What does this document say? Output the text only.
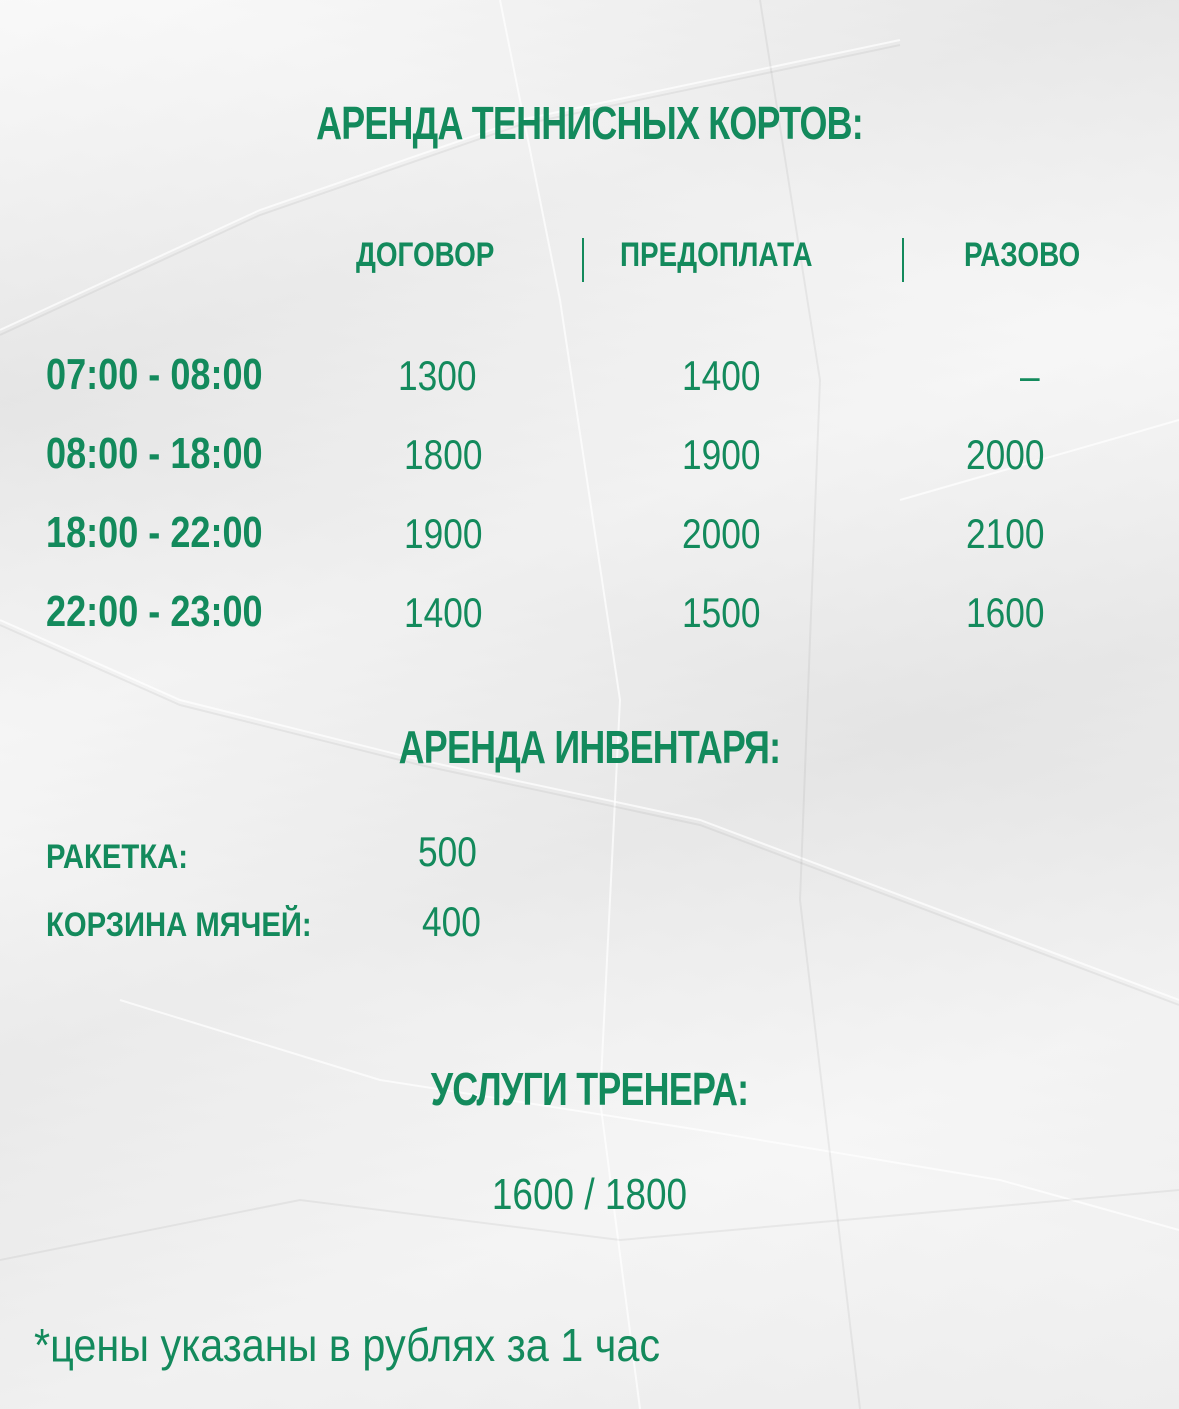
АРЕНДА ТЕННИСНЫХ КОРТОВ:
ДОГОВОР	ПРЕДОПЛАТА	РАЗОВО
07:00 - 08:00	1300	1400	–
08:00 - 18:00	1800	1900	2000
18:00 - 22:00	1900	2000	2100
22:00 - 23:00	1400	1500	1600
АРЕНДА ИНВЕНТАРЯ:
РАКЕТКА:	500
КОРЗИНА МЯЧЕЙ:	400
УСЛУГИ ТРЕНЕРА:
1600 / 1800
*цены указаны в рублях за 1 час
